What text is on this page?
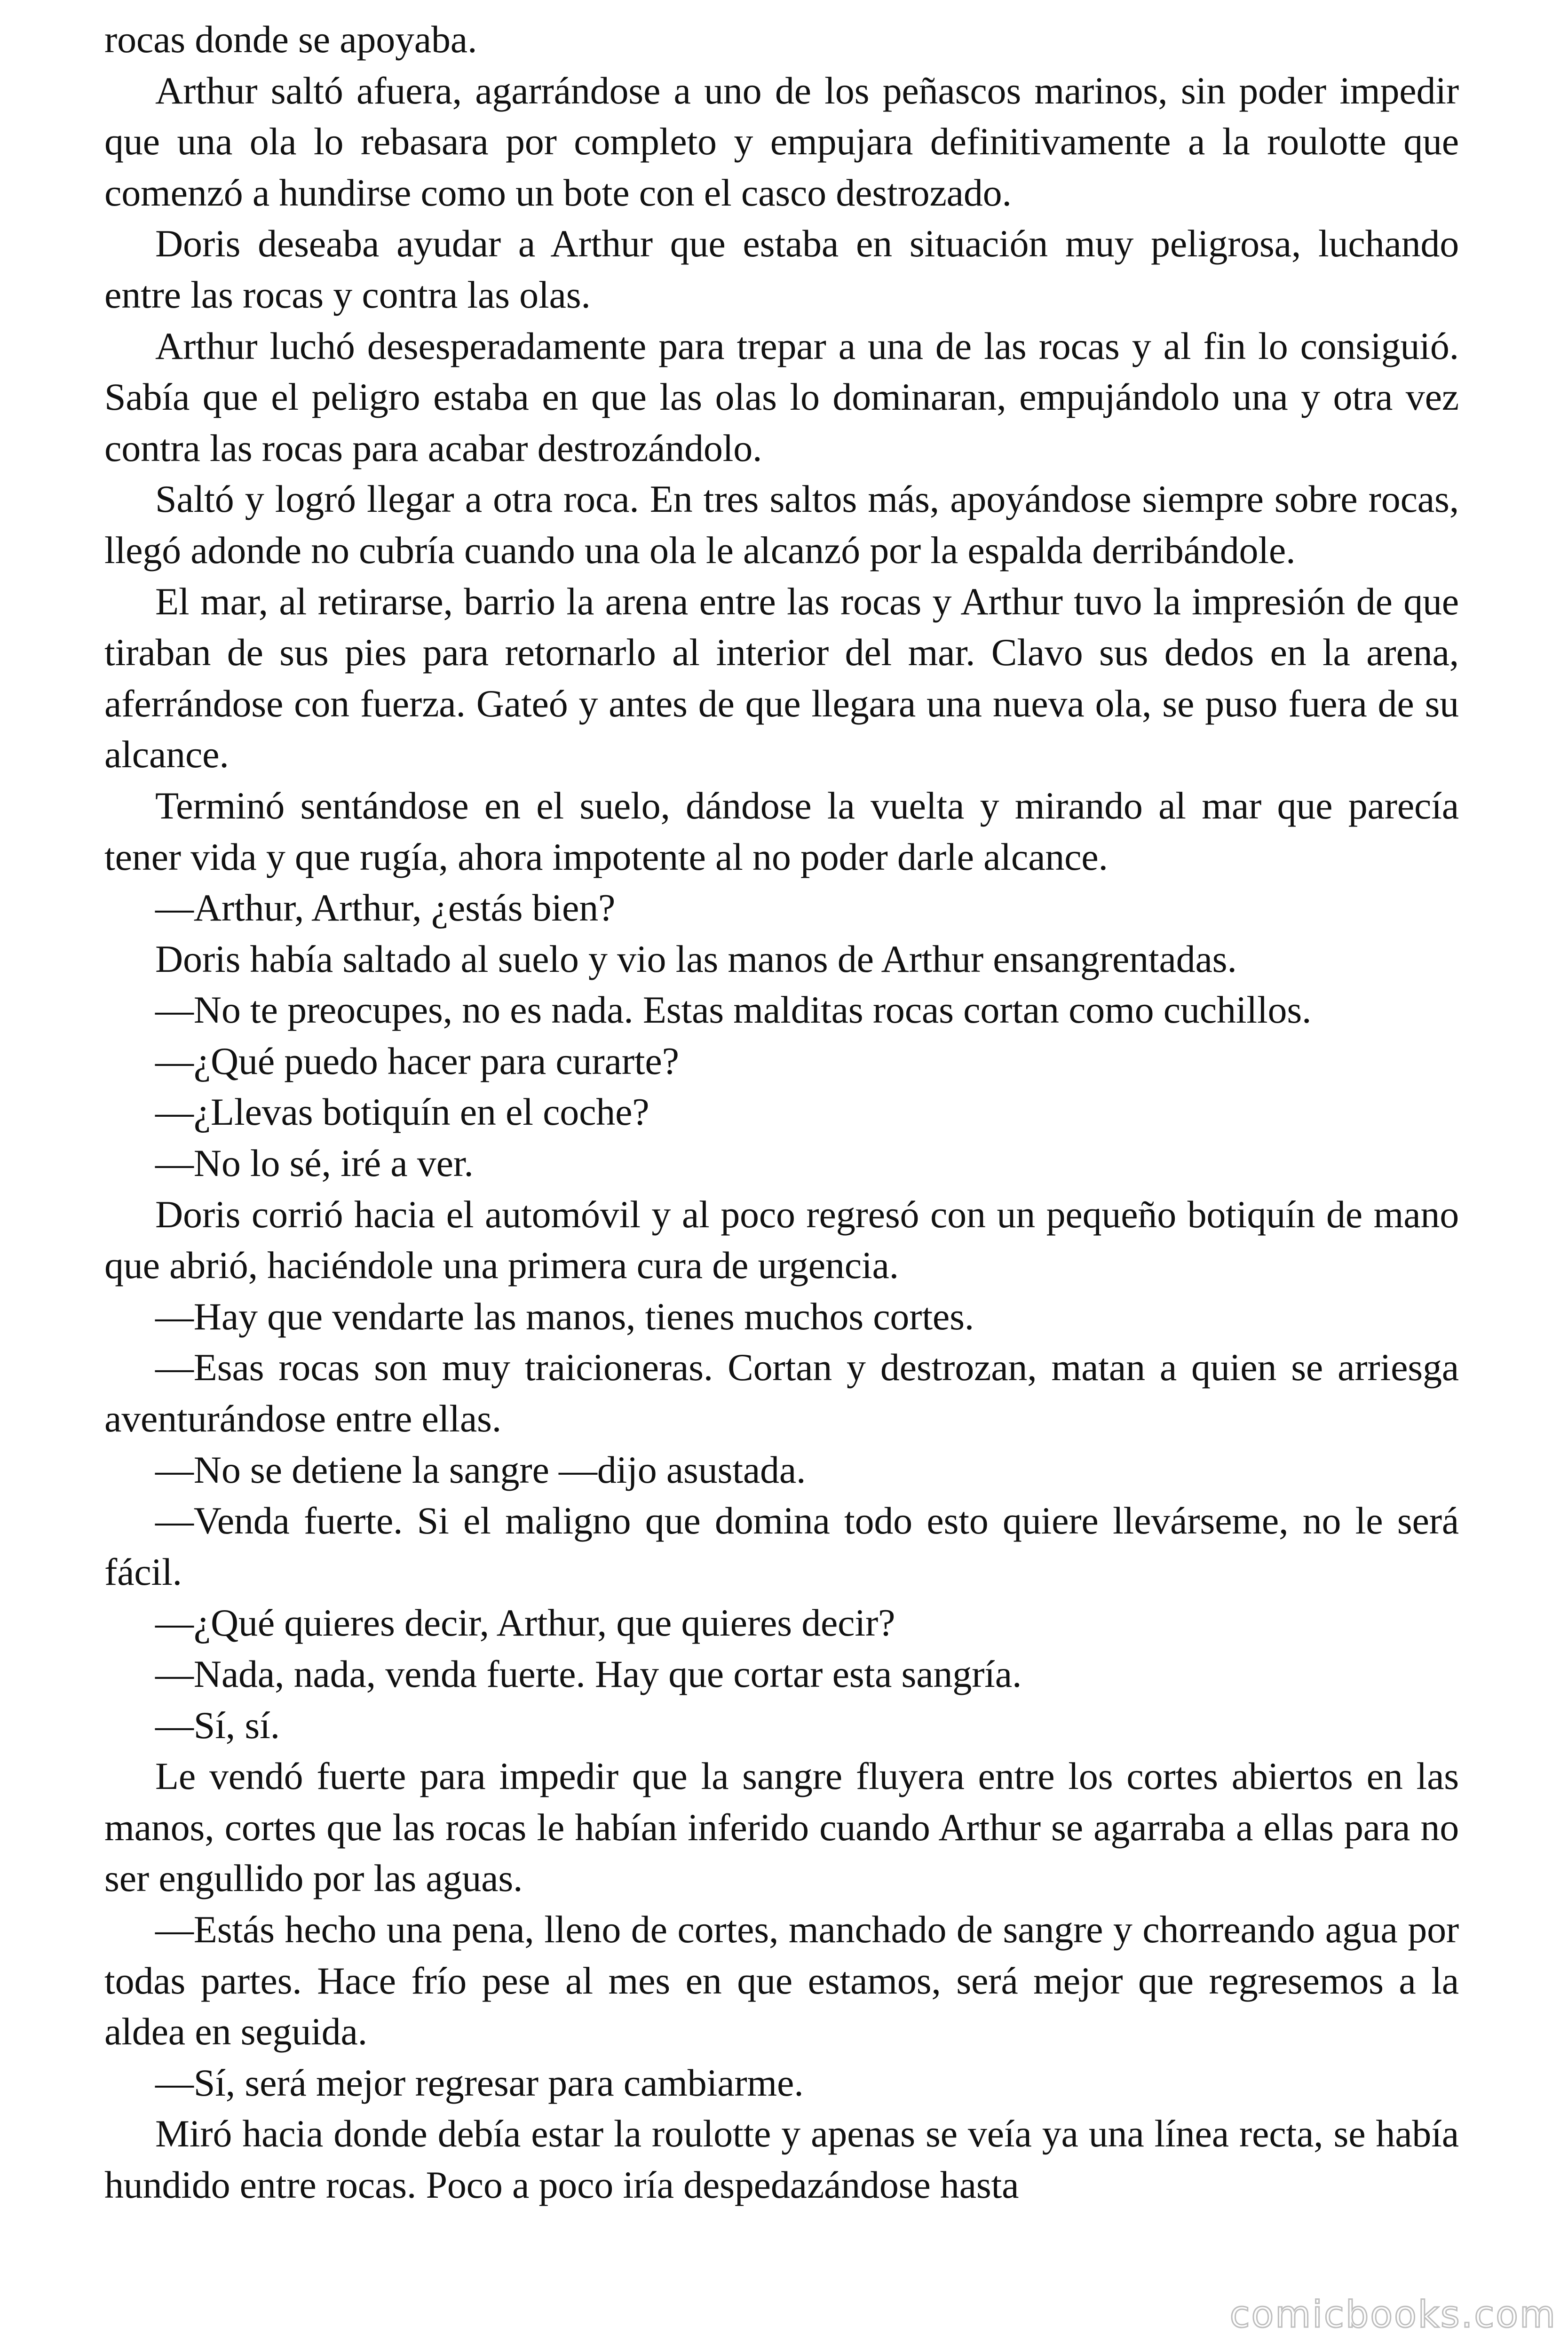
rocas donde se apoyaba.

Arthur saltó afuera, agarrándose a uno de los peñascos marinos, sin poder impedir que una ola lo rebasara por completo y empujara definitivamente a la roulotte que comenzó a hundirse como un bote con el casco destrozado.

Doris deseaba ayudar a Arthur que estaba en situación muy peligrosa, luchando entre las rocas y contra las olas.

Arthur luchó desesperadamente para trepar a una de las rocas y al fin lo consiguió. Sabía que el peligro estaba en que las olas lo dominaran, empujándolo una y otra vez contra las rocas para acabar destrozándolo.

Saltó y logró llegar a otra roca. En tres saltos más, apoyándose siempre sobre rocas, llegó adonde no cubría cuando una ola le alcanzó por la espalda derribándole.

El mar, al retirarse, barrio la arena entre las rocas y Arthur tuvo la impresión de que tiraban de sus pies para retornarlo al interior del mar. Clavo sus dedos en la arena, aferrándose con fuerza. Gateó y antes de que llegara una nueva ola, se puso fuera de su alcance.

Terminó sentándose en el suelo, dándose la vuelta y mirando al mar que parecía tener vida y que rugía, ahora impotente al no poder darle alcance.

—Arthur, Arthur, ¿estás bien?

Doris había saltado al suelo y vio las manos de Arthur ensangrentadas.

—No te preocupes, no es nada. Estas malditas rocas cortan como cuchillos.

—¿Qué puedo hacer para curarte?

—¿Llevas botiquín en el coche?

—No lo sé, iré a ver.

Doris corrió hacia el automóvil y al poco regresó con un pequeño botiquín de mano que abrió, haciéndole una primera cura de urgencia.

—Hay que vendarte las manos, tienes muchos cortes.

—Esas rocas son muy traicioneras. Cortan y destrozan, matan a quien se arriesga aventurándose entre ellas.

—No se detiene la sangre —dijo asustada.

—Venda fuerte. Si el maligno que domina todo esto quiere llevárseme, no le será fácil.

—¿Qué quieres decir, Arthur, que quieres decir?

—Nada, nada, venda fuerte. Hay que cortar esta sangría.

—Sí, sí.

Le vendó fuerte para impedir que la sangre fluyera entre los cortes abiertos en las manos, cortes que las rocas le habían inferido cuando Arthur se agarraba a ellas para no ser engullido por las aguas.

—Estás hecho una pena, lleno de cortes, manchado de sangre y chorreando agua por todas partes. Hace frío pese al mes en que estamos, será mejor que regresemos a la aldea en seguida.

—Sí, será mejor regresar para cambiarme.

Miró hacia donde debía estar la roulotte y apenas se veía ya una línea recta, se había hundido entre rocas. Poco a poco iría despedazándose hasta

comicbooks.com
